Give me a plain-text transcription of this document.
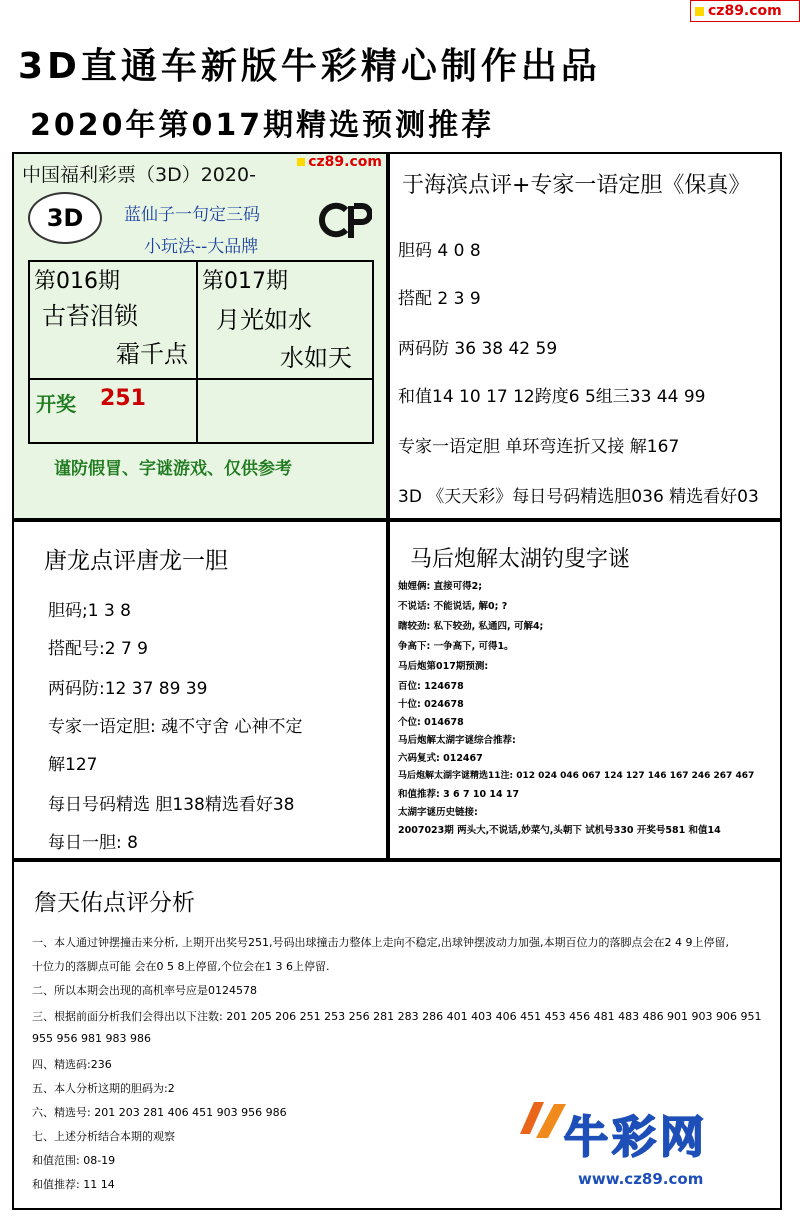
cz89.com
3D直通车新版牛彩精心制作出品
2020年第017期精选预测推荐
中国福利彩票（3D）2020-
cz89.com
3D	蓝仙子一句定三码
小玩法--大品牌
第016期	第017期
古苔泪锁
霜千点
月光如水
水如天
开奖 251
谨防假冒、字谜游戏、仅供参考
于海滨点评+专家一语定胆《保真》
胆码 4 0 8
搭配 2 3 9
两码防 36 38 42 59
和值14 10 17 12跨度6 5组三33 44 99
专家一语定胆 单环弯连折又接 解167
3D 《天天彩》每日号码精选胆036 精选看好03
唐龙点评唐龙一胆
胆码;1 3 8
搭配号:2 7 9
两码防:12 37 89 39
专家一语定胆: 魂不守舍 心神不定
解127
每日号码精选 胆138精选看好38
每日一胆: 8
马后炮解太湖钓叟字谜
妯娌俩: 直接可得2;
不说话: 不能说话, 解0; ?
瞎较劲: 私下较劲, 私通四, 可解4;
争高下: 一争高下, 可得1。
马后炮第017期预测:
百位: 124678
十位: 024678
个位: 014678
马后炮解太湖字谜综合推荐:
六码复式: 012467
马后炮解太湖字谜精选11注: 012 024 046 067 124 127 146 167 246 267 467
和值推荐: 3 6 7 10 14 17
太湖字谜历史链接:
2007023期 两头大,不说话,妙菜勺,头朝下 试机号330 开奖号581 和值14
詹天佑点评分析
一、本人通过钟摆撞击来分析, 上期开出奖号251,号码出球撞击力整体上走向不稳定,出球钟摆波动力加强,本期百位力的落脚点会在2 4 9上停留,
十位力的落脚点可能 会在0 5 8上停留,个位会在1 3 6上停留.
二、所以本期会出现的高机率号应是0124578
三、根据前面分析我们会得出以下注数: 201 205 206 251 253 256 281 283 286 401 403 406 451 453 456 481 483 486 901 903 906 951
955 956 981 983 986
四、精选码:236
五、本人分析这期的胆码为:2
六、精选号: 201 203 281 406 451 903 956 986
七、上述分析结合本期的观察
和值范围: 08-19
和值推荐: 11 14
牛彩网
www.cz89.com
